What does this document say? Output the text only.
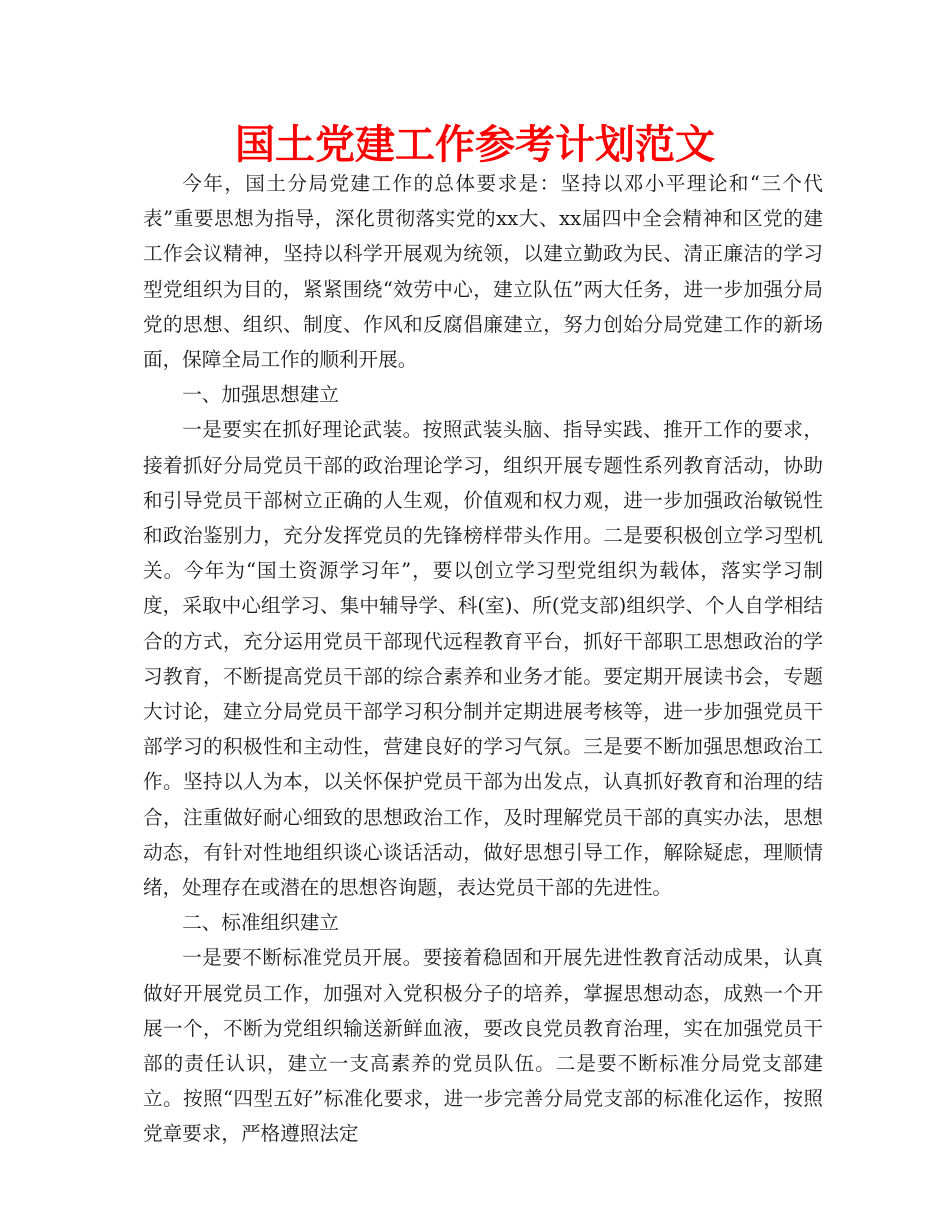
国土党建工作参考计划范文

今年，国土分局党建工作的总体要求是：坚持以邓小平理论和“三个代表”重要思想为指导，深化贯彻落实党的xx大、xx届四中全会精神和区党的建工作会议精神，坚持以科学开展观为统领，以建立勤政为民、清正廉洁的学习型党组织为目的，紧紧围绕“效劳中心，建立队伍”两大任务，进一步加强分局党的思想、组织、制度、作风和反腐倡廉建立，努力创始分局党建工作的新场面，保障全局工作的顺利开展。

一、加强思想建立

一是要实在抓好理论武装。按照武装头脑、指导实践、推开工作的要求，接着抓好分局党员干部的政治理论学习，组织开展专题性系列教育活动，协助和引导党员干部树立正确的人生观，价值观和权力观，进一步加强政治敏锐性和政治鉴别力，充分发挥党员的先锋榜样带头作用。二是要积极创立学习型机关。今年为“国土资源学习年”，要以创立学习型党组织为载体，落实学习制度，采取中心组学习、集中辅导学、科(室)、所(党支部)组织学、个人自学相结合的方式，充分运用党员干部现代远程教育平台，抓好干部职工思想政治的学习教育，不断提高党员干部的综合素养和业务才能。要定期开展读书会，专题大讨论，建立分局党员干部学习积分制并定期进展考核等，进一步加强党员干部学习的积极性和主动性，营建良好的学习气氛。三是要不断加强思想政治工作。坚持以人为本，以关怀保护党员干部为出发点，认真抓好教育和治理的结合，注重做好耐心细致的思想政治工作，及时理解党员干部的真实办法，思想动态，有针对性地组织谈心谈话活动，做好思想引导工作，解除疑虑，理顺情绪，处理存在或潜在的思想咨询题，表达党员干部的先进性。

二、标准组织建立

一是要不断标准党员开展。要接着稳固和开展先进性教育活动成果，认真做好开展党员工作，加强对入党积极分子的培养，掌握思想动态，成熟一个开展一个，不断为党组织输送新鲜血液，要改良党员教育治理，实在加强党员干部的责任认识，建立一支高素养的党员队伍。二是要不断标准分局党支部建立。按照“四型五好”标准化要求，进一步完善分局党支部的标准化运作，按照党章要求，严格遵照法定
